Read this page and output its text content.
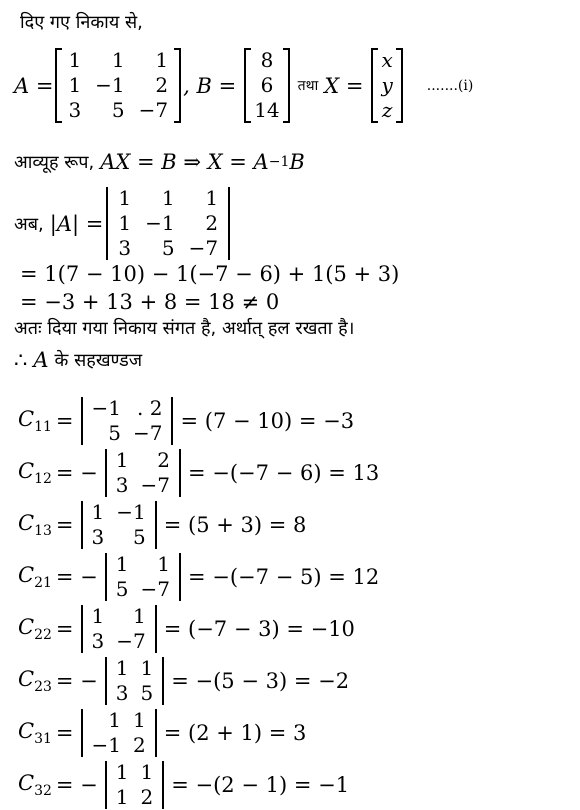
दिए गए निकाय से,
A =
1	1	1
1 −1	2
3	5 −7
, B =
8
6
14
तथा X =
x
y
z
.......(i)
आव्यूह रूप, AX = B ⇒ X = A −1 B
अब, |A| =
1	1	1
1 −1	2
3	5 −7
= 1(7 − 10) − 1(−7 − 6) + 1(5 + 3)
= −3 + 13 + 8 = 18 ≠ 0
अतः दिया गया निकाय संगत है, अर्थात् हल रखता है।
∴ A के सहखण्डज
$C_{11}$ =
−1 . 2
5 −7 = (7 − 10) = −3
$C_{12}$ = −
1	2
3 −7 = −(−7 − 6) = 13
$C_{13}$ =
1 −1
3	5 = (5 + 3) = 8
$C_{21}$ = −
1	1
5 −7 = −(−7 − 5) = 12
$C_{22}$ =
1	1
3 −7 = (−7 − 3) = −10
$C_{23}$ = −
1 1
3 5 = −(5 − 3) = −2
$C_{31}$ =
1 1
−1 2 = (2 + 1) = 3
$C_{32}$ = −
1 1
1 2 = −(2 − 1) = −1
